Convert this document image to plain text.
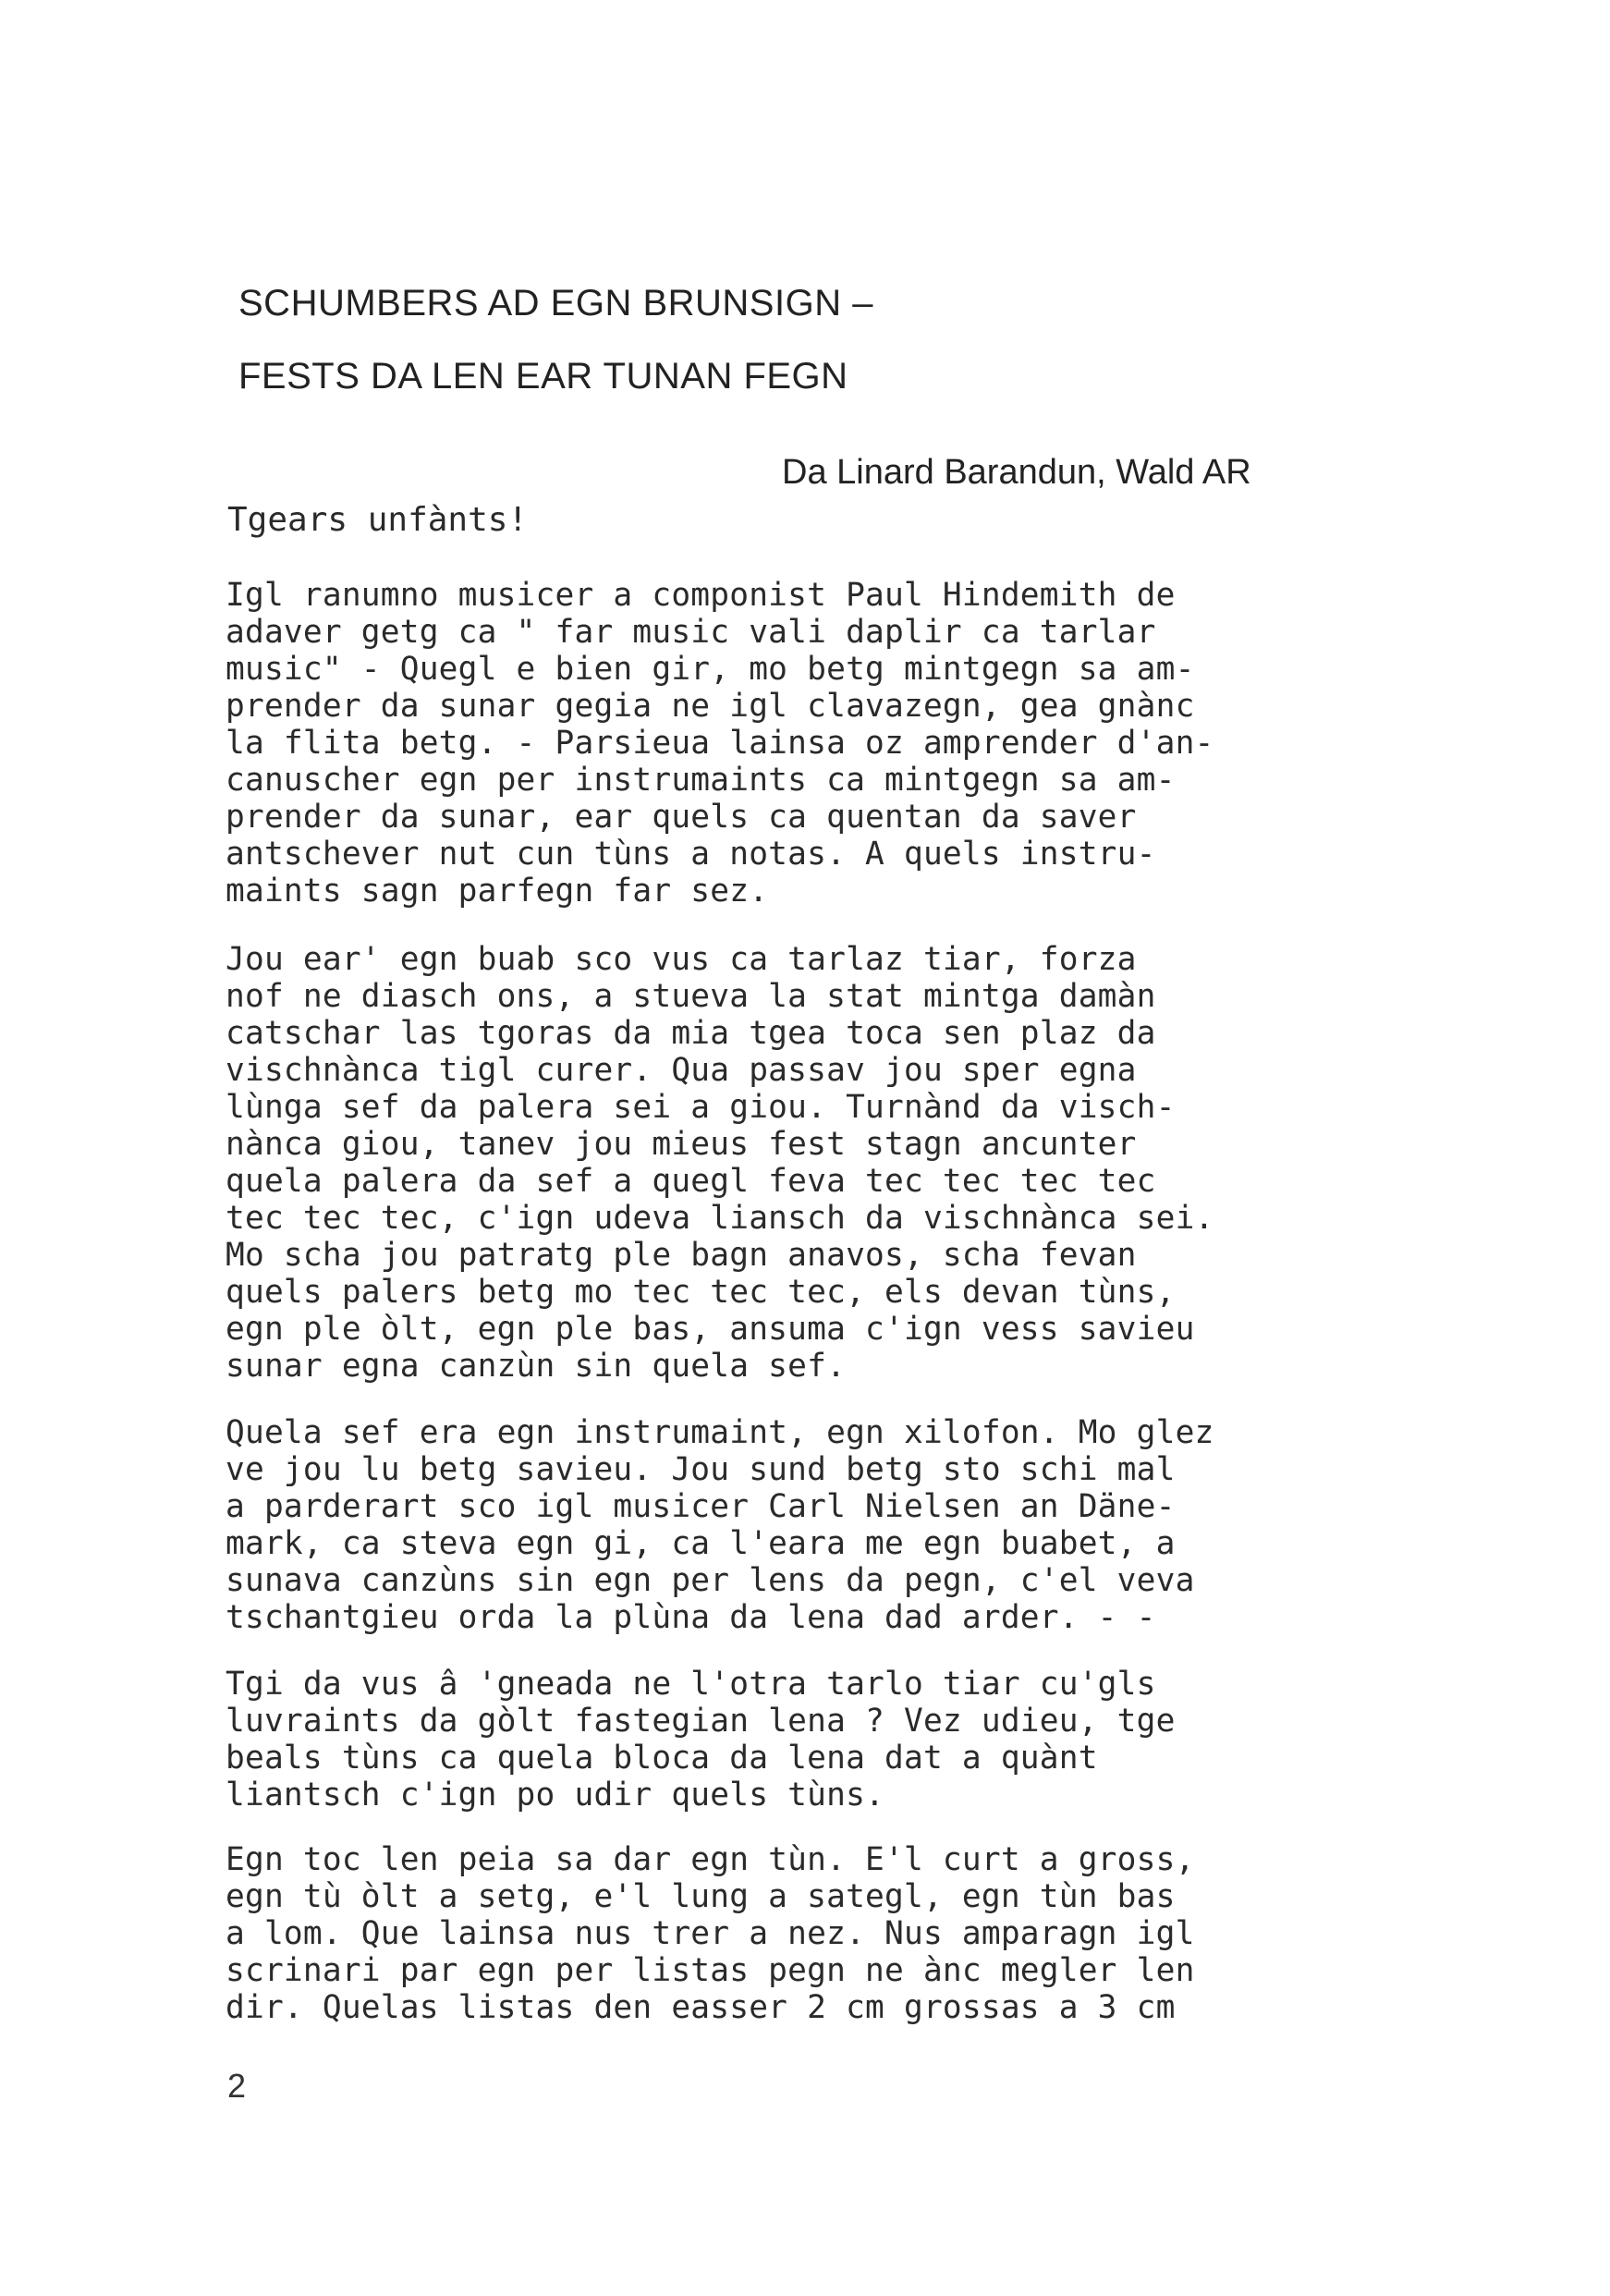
SCHUMBERS AD EGN BRUNSIGN –
FESTS DA LEN EAR TUNAN FEGN
Da Linard Barandun, Wald AR
Tgears unfànts!
Igl ranumno musicer a componist Paul Hindemith de
adaver getg ca " far music vali daplir ca tarlar
music" - Quegl e bien gir, mo betg mintgegn sa am-
prender da sunar gegia ne igl clavazegn, gea gnànc
la flita betg. - Parsieua lainsa oz amprender d'an-
canuscher egn per instrumaints ca mintgegn sa am-
prender da sunar, ear quels ca quentan da saver
antschever nut cun tùns a notas. A quels instru-
maints sagn parfegn far sez.
Jou ear' egn buab sco vus ca tarlaz tiar, forza
nof ne diasch ons, a stueva la stat mintga damàn
catschar las tgoras da mia tgea toca sen plaz da
vischnànca tigl curer. Qua passav jou sper egna
lùnga sef da palera sei a giou. Turnànd da visch-
nànca giou, tanev jou mieus fest stagn ancunter
quela palera da sef a quegl feva tec tec tec tec
tec tec tec, c'ign udeva liansch da vischnànca sei.
Mo scha jou patratg ple bagn anavos, scha fevan
quels palers betg mo tec tec tec, els devan tùns,
egn ple òlt, egn ple bas, ansuma c'ign vess savieu
sunar egna canzùn sin quela sef.
Quela sef era egn instrumaint, egn xilofon. Mo glez
ve jou lu betg savieu. Jou sund betg sto schi mal
a parderart sco igl musicer Carl Nielsen an Däne-
mark, ca steva egn gi, ca l'eara me egn buabet, a
sunava canzùns sin egn per lens da pegn, c'el veva
tschantgieu orda la plùna da lena dad arder. - -
Tgi da vus â 'gneada ne l'otra tarlo tiar cu'gls
luvraints da gòlt fastegian lena ? Vez udieu, tge
beals tùns ca quela bloca da lena dat a quànt
liantsch c'ign po udir quels tùns.
Egn toc len peia sa dar egn tùn. E'l curt a gross,
egn tù òlt a setg, e'l lung a sategl, egn tùn bas
a lom. Que lainsa nus trer a nez. Nus amparagn igl
scrinari par egn per listas pegn ne ànc megler len
dir. Quelas listas den easser 2 cm grossas a 3 cm
2
